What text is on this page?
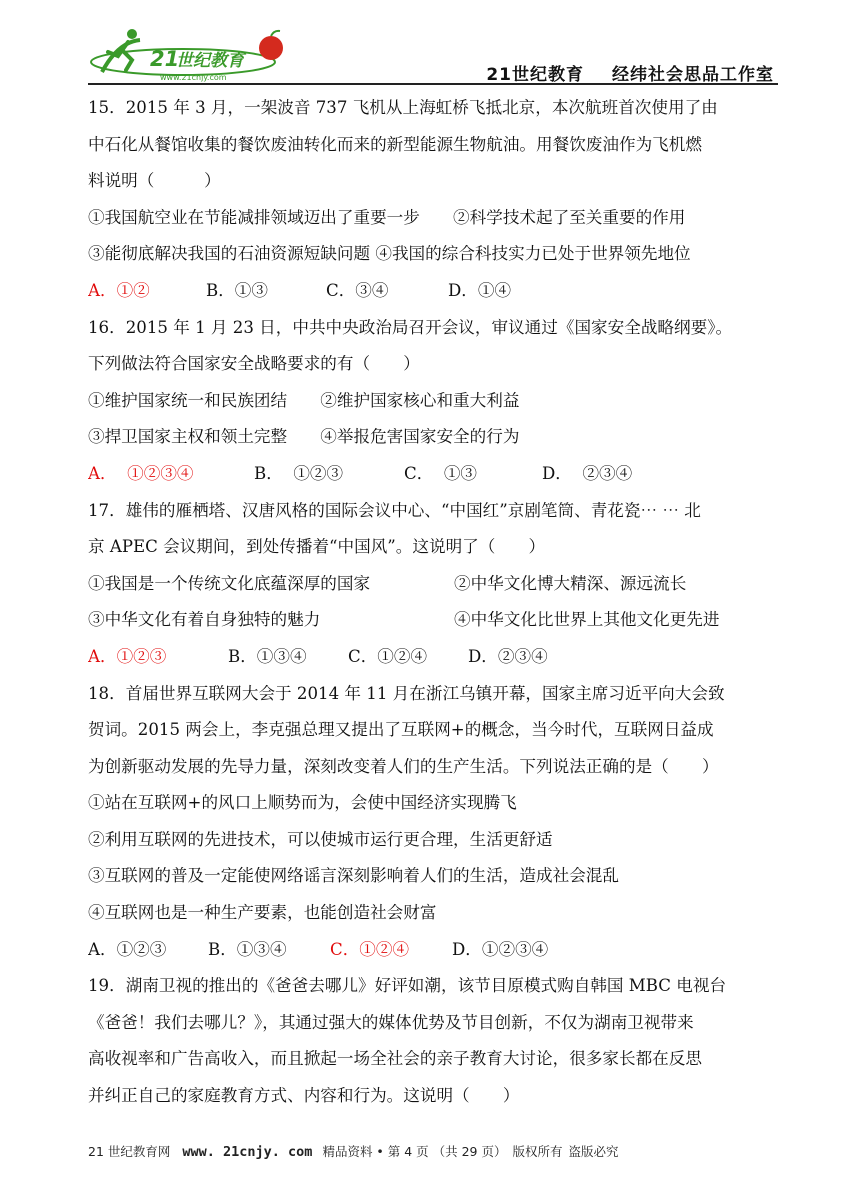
21
世纪教育
www.21cnjy.com	21世纪教育 经纬社会思品工作室
15．2015 年 3 月，一架波音 737 飞机从上海虹桥飞抵北京，本次航班首次使用了由
中石化从餐馆收集的餐饮废油转化而来的新型能源生物航油。用餐饮废油作为飞机燃
料说明（　　　）
①我国航空业在节能减排领域迈出了重要一步　　②科学技术起了至关重要的作用
③能彻底解决我国的石油资源短缺问题 ④我国的综合科技实力已处于世界领先地位
A．①②	B．①③	C．③④	D．①④
16．2015 年 1 月 23 日，中共中央政治局召开会议，审议通过《国家安全战略纲要》。
下列做法符合国家安全战略要求的有（　　）
①维护国家统一和民族团结　　②维护国家核心和重大利益
③捍卫国家主权和领土完整　　④举报危害国家安全的行为
A．  ①②③④	B．  ①②③	C．  ①③	D．  ②③④
17．雄伟的雁栖塔、汉唐风格的国际会议中心、“中国红”京剧笔筒、青花瓷⋯ ⋯ 北
京 APEC 会议期间，到处传播着“中国风”。这说明了（　　）
①我国是一个传统文化底蕴深厚的国家	②中华文化博大精深、源远流长
③中华文化有着自身独特的魅力	④中华文化比世界上其他文化更先进
A．①②③	B．①③④ C．①②④ D．②③④
18．首届世界互联网大会于 2014 年 11 月在浙江乌镇开幕，国家主席习近平向大会致
贺词。2015 两会上，李克强总理又提出了互联网+的概念，当今时代，互联网日益成
为创新驱动发展的先导力量，深刻改变着人们的生产生活。下列说法正确的是（　　）
①站在互联网+的风口上顺势而为，会使中国经济实现腾飞
②利用互联网的先进技术，可以使城市运行更合理，生活更舒适
③互联网的普及一定能使网络谣言深刻影响着人们的生活，造成社会混乱
④互联网也是一种生产要素，也能创造社会财富
A．①②③	B．①③④	C．①②④	D．①②③④
19．湖南卫视的推出的《爸爸去哪儿》好评如潮，该节目原模式购自韩国 MBC 电视台
《爸爸！我们去哪儿？》，其通过强大的媒体优势及节目创新，不仅为湖南卫视带来
高收视率和广告高收入，而且掀起一场全社会的亲子教育大讨论，很多家长都在反思
并纠正自己的家庭教育方式、内容和行为。这说明（　　）
21 世纪教育网 www. 21cnjy. com 精品资料 • 第 4 页 （共 29 页） 版权所有 盗版必究
